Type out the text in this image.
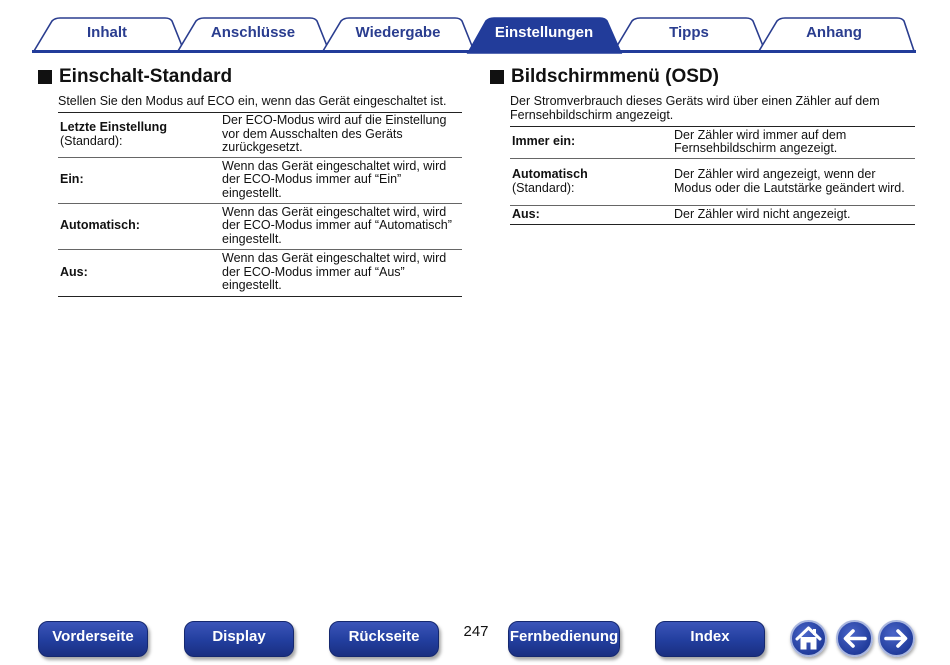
Inhalt	Anschlüsse	Wiedergabe	Einstellungen	Tipps	Anhang
Einschalt-Standard
Stellen Sie den Modus auf ECO ein, wenn das Gerät eingeschaltet ist.
Letzte Einstellung
(Standard):	Der ECO-Modus wird auf die Einstellung vor dem Ausschalten des Geräts zurückgesetzt.

Ein:	Wenn das Gerät eingeschaltet wird, wird der ECO-Modus immer auf “Ein” eingestellt.

Automatisch:	Wenn das Gerät eingeschaltet wird, wird der ECO-Modus immer auf “Automatisch” eingestellt.

Aus:	Wenn das Gerät eingeschaltet wird, wird der ECO-Modus immer auf “Aus” eingestellt.
Bildschirmmenü (OSD)
Der Stromverbrauch dieses Geräts wird über einen Zähler auf dem Fernsehbildschirm angezeigt.
Immer ein:	Der Zähler wird immer auf dem Fernsehbildschirm angezeigt.

Automatisch
(Standard):	Der Zähler wird angezeigt, wenn der Modus oder die Lautstärke geändert wird.

Aus:	Der Zähler wird nicht angezeigt.
Vorderseite	Display	Rückseite	247	Fernbedienung	Index
